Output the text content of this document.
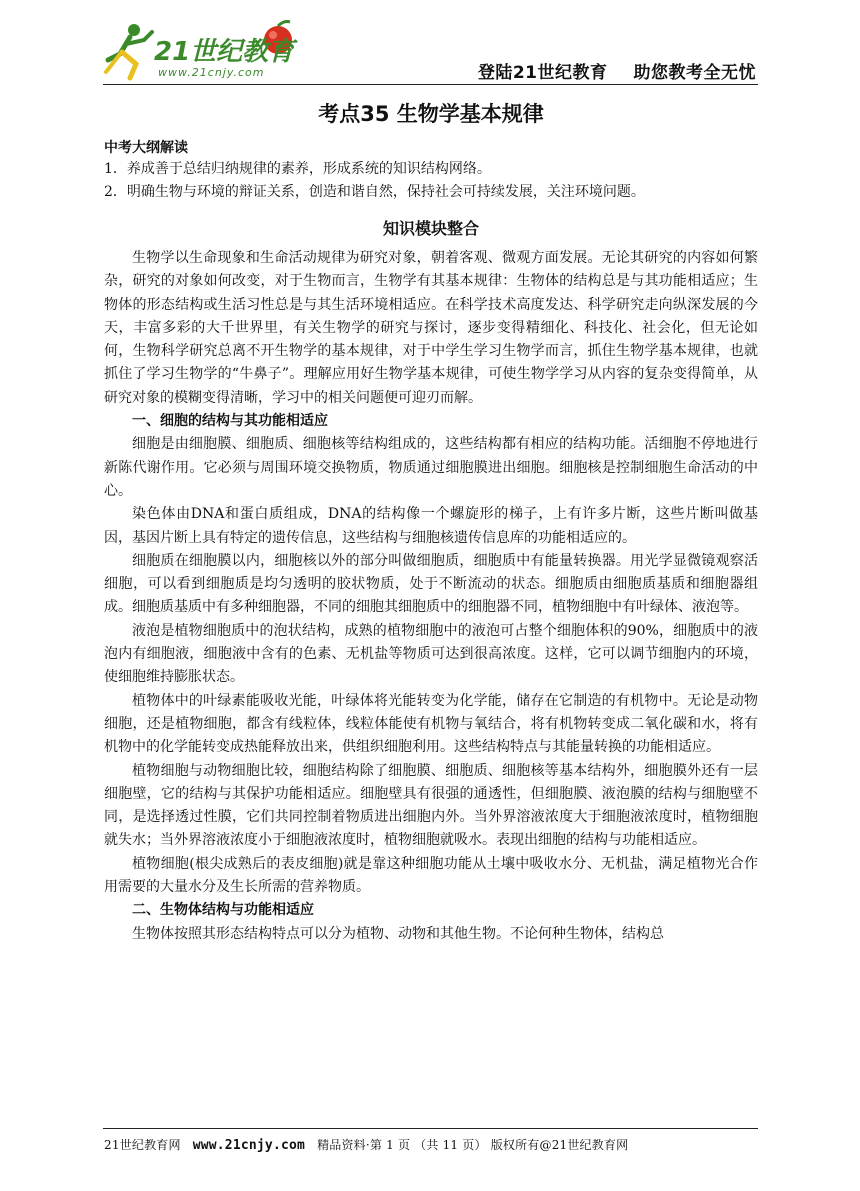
21世纪教育
www.21cnjy.com	登陆21世纪教育 助您教考全无忧
考点35 生物学基本规律

中考大纲解读

1．养成善于总结归纳规律的素养，形成系统的知识结构网络。

2．明确生物与环境的辩证关系，创造和谐自然，保持社会可持续发展，关注环境问题。

知识模块整合

生物学以生命现象和生命活动规律为研究对象，朝着客观、微观方面发展。无论其研究的内容如何繁杂，研究的对象如何改变，对于生物而言，生物学有其基本规律：生物体的结构总是与其功能相适应；生物体的形态结构或生活习性总是与其生活环境相适应。在科学技术高度发达、科学研究走向纵深发展的今天，丰富多彩的大千世界里，有关生物学的研究与探讨，逐步变得精细化、科技化、社会化，但无论如何，生物科学研究总离不开生物学的基本规律，对于中学生学习生物学而言，抓住生物学基本规律，也就抓住了学习生物学的“牛鼻子”。理解应用好生物学基本规律，可使生物学学习从内容的复杂变得简单，从研究对象的模糊变得清晰，学习中的相关问题便可迎刃而解。

一、细胞的结构与其功能相适应

细胞是由细胞膜、细胞质、细胞核等结构组成的，这些结构都有相应的结构功能。活细胞不停地进行新陈代谢作用。它必须与周围环境交换物质，物质通过细胞膜进出细胞。细胞核是控制细胞生命活动的中心。

染色体由DNA和蛋白质组成，DNA的结构像一个螺旋形的梯子，上有许多片断，这些片断叫做基因，基因片断上具有特定的遗传信息，这些结构与细胞核遗传信息库的功能相适应的。

细胞质在细胞膜以内，细胞核以外的部分叫做细胞质，细胞质中有能量转换器。用光学显微镜观察活细胞，可以看到细胞质是均匀透明的胶状物质，处于不断流动的状态。细胞质由细胞质基质和细胞器组成。细胞质基质中有多种细胞器，不同的细胞其细胞质中的细胞器不同，植物细胞中有叶绿体、液泡等。

液泡是植物细胞质中的泡状结构，成熟的植物细胞中的液泡可占整个细胞体积的90%，细胞质中的液泡内有细胞液，细胞液中含有的色素、无机盐等物质可达到很高浓度。这样，它可以调节细胞内的环境，使细胞维持膨胀状态。

植物体中的叶绿素能吸收光能，叶绿体将光能转变为化学能，储存在它制造的有机物中。无论是动物细胞，还是植物细胞，都含有线粒体，线粒体能使有机物与氧结合，将有机物转变成二氧化碳和水，将有机物中的化学能转变成热能释放出来，供组织细胞利用。这些结构特点与其能量转换的功能相适应。

植物细胞与动物细胞比较，细胞结构除了细胞膜、细胞质、细胞核等基本结构外，细胞膜外还有一层细胞壁，它的结构与其保护功能相适应。细胞壁具有很强的通透性，但细胞膜、液泡膜的结构与细胞壁不同，是选择透过性膜，它们共同控制着物质进出细胞内外。当外界溶液浓度大于细胞液浓度时，植物细胞就失水；当外界溶液浓度小于细胞液浓度时，植物细胞就吸水。表现出细胞的结构与功能相适应。

植物细胞(根尖成熟后的表皮细胞)就是靠这种细胞功能从土壤中吸收水分、无机盐，满足植物光合作用需要的大量水分及生长所需的营养物质。

二、生物体结构与功能相适应

生物体按照其形态结构特点可以分为植物、动物和其他生物。不论何种生物体，结构总

21世纪教育网 www.21cnjy.com 精品资料·第 1 页 （共 11 页） 版权所有@21世纪教育网
